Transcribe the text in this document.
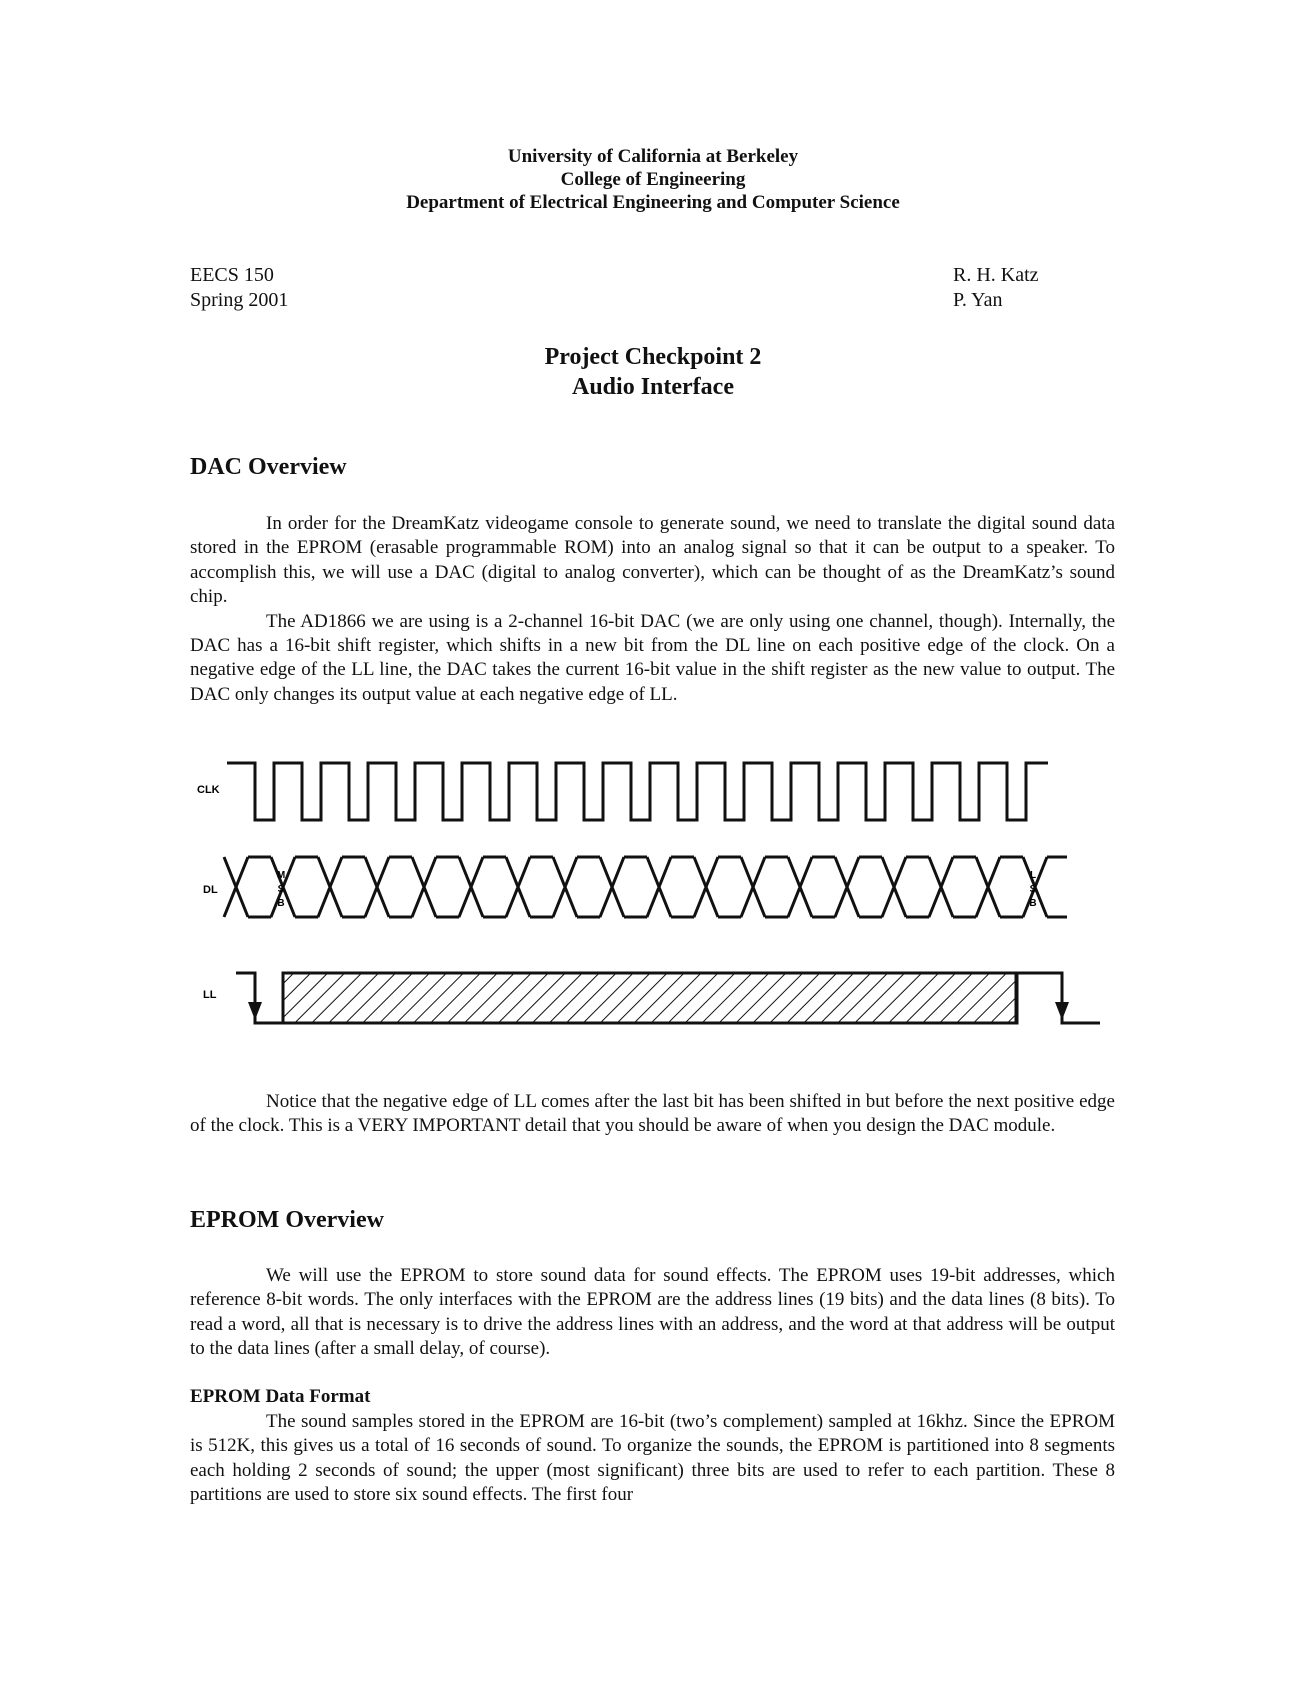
University of California at Berkeley
College of Engineering
Department of Electrical Engineering and Computer Science
EECS 150
Spring 2001
R. H. Katz
P. Yan
Project Checkpoint 2
Audio Interface
DAC Overview

In order for the DreamKatz videogame console to generate sound, we need to translate the digital sound data stored in the EPROM (erasable programmable ROM) into an analog signal so that it can be output to a speaker. To accomplish this, we will use a DAC (digital to analog converter), which can be thought of as the DreamKatz’s sound chip.

The AD1866 we are using is a 2-channel 16-bit DAC (we are only using one channel, though). Internally, the DAC has a 16-bit shift register, which shifts in a new bit from the DL line on each positive edge of the clock. On a negative edge of the LL line, the DAC takes the current 16-bit value in the shift register as the new value to output. The DAC only changes its output value at each negative edge of LL.

CLK
DL
M
S
B
L
S
B
LL

Notice that the negative edge of LL comes after the last bit has been shifted in but before the next positive edge of the clock. This is a VERY IMPORTANT detail that you should be aware of when you design the DAC module.

EPROM Overview

We will use the EPROM to store sound data for sound effects. The EPROM uses 19-bit addresses, which reference 8-bit words. The only interfaces with the EPROM are the address lines (19 bits) and the data lines (8 bits). To read a word, all that is necessary is to drive the address lines with an address, and the word at that address will be output to the data lines (after a small delay, of course).

EPROM Data Format

The sound samples stored in the EPROM are 16-bit (two’s complement) sampled at 16khz. Since the EPROM is 512K, this gives us a total of 16 seconds of sound. To organize the sounds, the EPROM is partitioned into 8 segments each holding 2 seconds of sound; the upper (most significant) three bits are used to refer to each partition. These 8 partitions are used to store six sound effects. The first four
